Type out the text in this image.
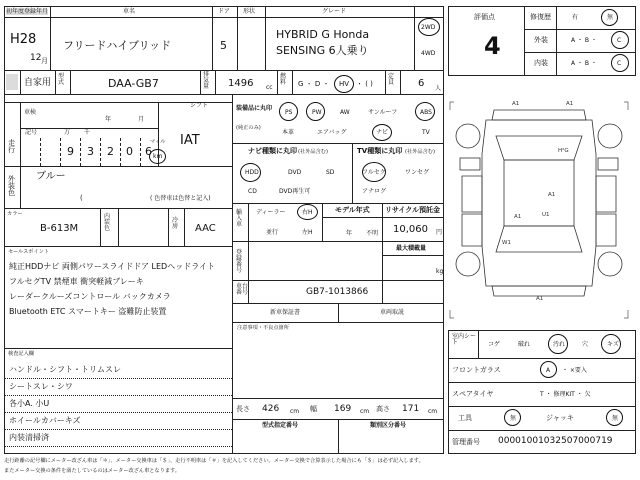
初年度登録年月
H28
12 月
車名
フリードハイブリッド
ドア
5
形状	グレード
HYBRID G Honda
SENSING 6人乗り
2WD
4WD
自家用
型式	DAA-GB7
排気量	1496 cc
燃料	G ・ D ・ HV ・ ( )
定員	6 人
シフト
車検
年	月
記号	万 千
走行	9 3 2 0 6
マイル
km
IAT
外装色
ブルー
(	( 色替車は色替と記入)
カラー
B-613M
内装色
冷房	AAC
セールスポイント
純正HDDナビ 両側パワースライドドア LEDヘッドライト
フルセグTV 禁煙車 衝突軽減ブレーキ
レーダークルーズコントロール バックカメラ
Bluetooth ETC スマートキー 盗難防止装置
検査記入欄
ハンドル・シフト・トリムスレ
シートスレ・シワ
各小A. 小U
ホイールカバーキズ
内装清掃済
装備品に丸印
(純正のみ)
PS	PW	AW	サンルーフ	ABS
本革	エアバッグ	ナビ	TV
ナビ種類に丸印 (社外品含む)
HDD	DVD	SD
CD	DVD再生可
TV種類に丸印 (社外品含む)
フルセグ	ワンセグ
アナログ
輸入車
ディーラー	右H
並行	左H
モデル年式
年 不明
リサイクル預託金
10,060 円
最大積載量
kg
登録番号
車台番号	GB7-1013866
新車保証書	車両取説
注意事項・不良点箇所
長さ 426 cm 幅 169 cm 高さ 171 cm
型式指定番号	類別区分番号
評価点
4
修復歴	有	無
外装	A ・ B ・	C
内装	A ・ B ・	C
A1	A1
H²G
A1
U1
A1
W1
A1
室内シート	コゲ	破れ	汚れ	穴	キズ
フロントガラス	A ・ ×要入
スペアタイヤ	T ・ 修理KIT ・ 欠
工具	無	ジャッキ	無
管理番号 0000100103250700071​9
走行距離の記号欄にメーター改ざん車は「＊」、メーター交換車は「＄」、走行不明車は「＃」を記入してください。メーター交換で合算表示した場合にも「＄」は必ず記入します。
またメーター交換の条件を満たしているのはメーター改ざん車となります。
